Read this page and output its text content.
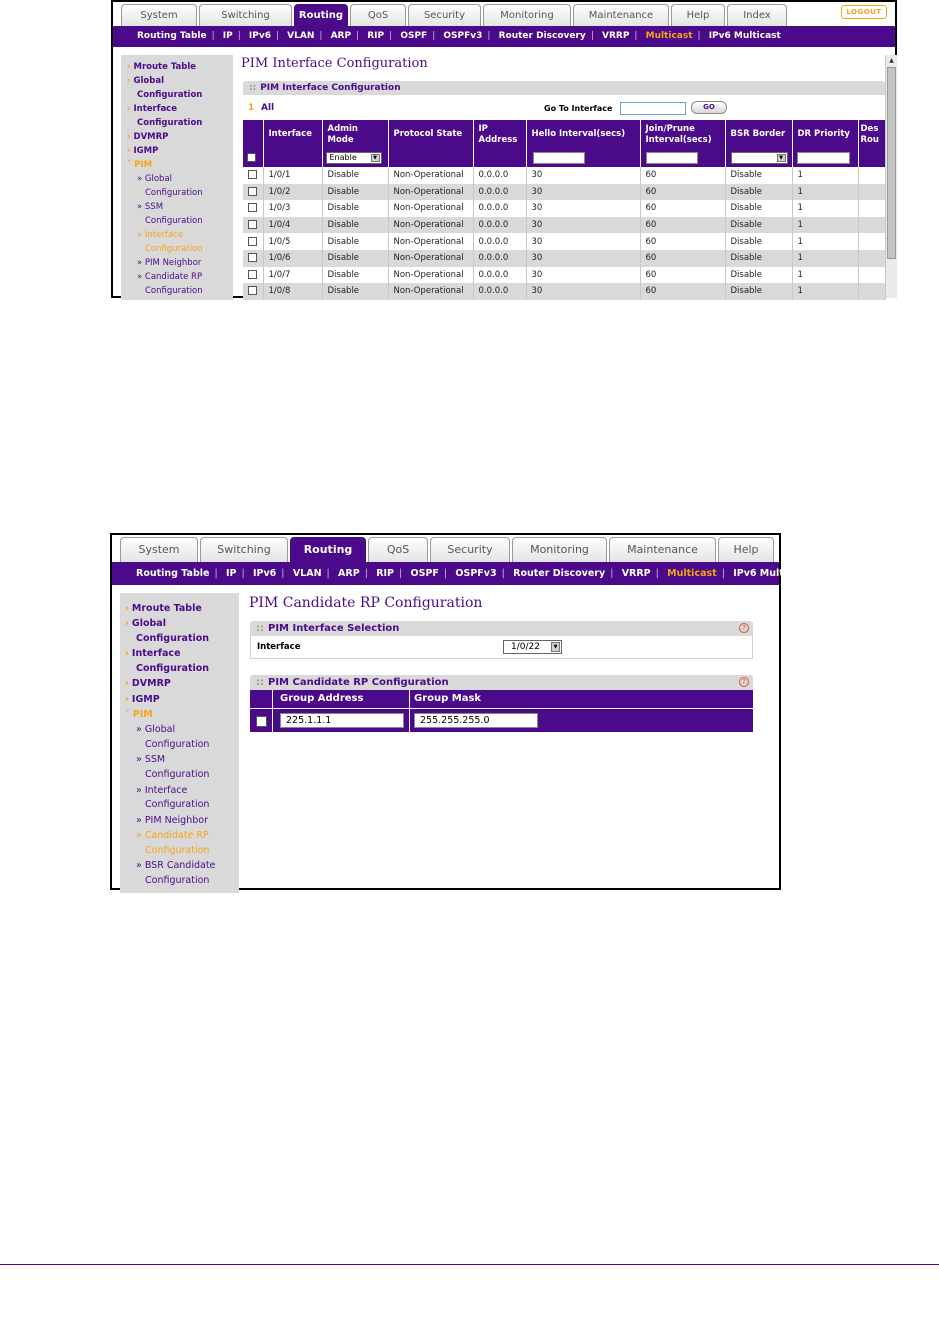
System	Switching	Routing	QoS	Security	Monitoring	Maintenance	Help	Index	LOGOUT
Routing Table | IP | IPv6 | VLAN | ARP | RIP | OSPF | OSPFv3 | Router Discovery | VRRP | Multicast | IPv6 Multicast
› Mroute Table
› Global
Configuration
› Interface
Configuration
› DVMRP
› IGMP
˅ PIM
» Global
Configuration
» SSM
Configuration
» Interface
Configuration
» PIM Neighbor
» Candidate RP
Configuration
PIM Interface Configuration
:: PIM Interface Configuration
1 All	Go To Interface	GO
	Interface	Admin Mode	Protocol State	IP Address	Hello Interval(secs)	Join/Prune Interval(secs)	BSR Border	DR Priority	Des Rou
		Enable ▼					▼		

	1/0/1	Disable	Non-Operational	0.0.0.0	30	60	Disable	1	
	1/0/2	Disable	Non-Operational	0.0.0.0	30	60	Disable	1	
	1/0/3	Disable	Non-Operational	0.0.0.0	30	60	Disable	1	
	1/0/4	Disable	Non-Operational	0.0.0.0	30	60	Disable	1	
	1/0/5	Disable	Non-Operational	0.0.0.0	30	60	Disable	1	
	1/0/6	Disable	Non-Operational	0.0.0.0	30	60	Disable	1	
	1/0/7	Disable	Non-Operational	0.0.0.0	30	60	Disable	1	
	1/0/8	Disable	Non-Operational	0.0.0.0	30	60	Disable	1	
▲
System	Switching	Routing	QoS	Security	Monitoring	Maintenance	Help
Routing Table | IP | IPv6 | VLAN | ARP | RIP | OSPF | OSPFv3 | Router Discovery | VRRP | Multicast | IPv6 Multicast
› Mroute Table
› Global
Configuration
› Interface
Configuration
› DVMRP
› IGMP
˅ PIM
» Global
Configuration
» SSM
Configuration
» Interface
Configuration
» PIM Neighbor
» Candidate RP
Configuration
» BSR Candidate
Configuration
PIM Candidate RP Configuration
:: PIM Interface Selection	?
Interface	1/0/22	▼
:: PIM Candidate RP Configuration	?
Group Address	Group Mask
225.1.1.1	255.255.255.0
